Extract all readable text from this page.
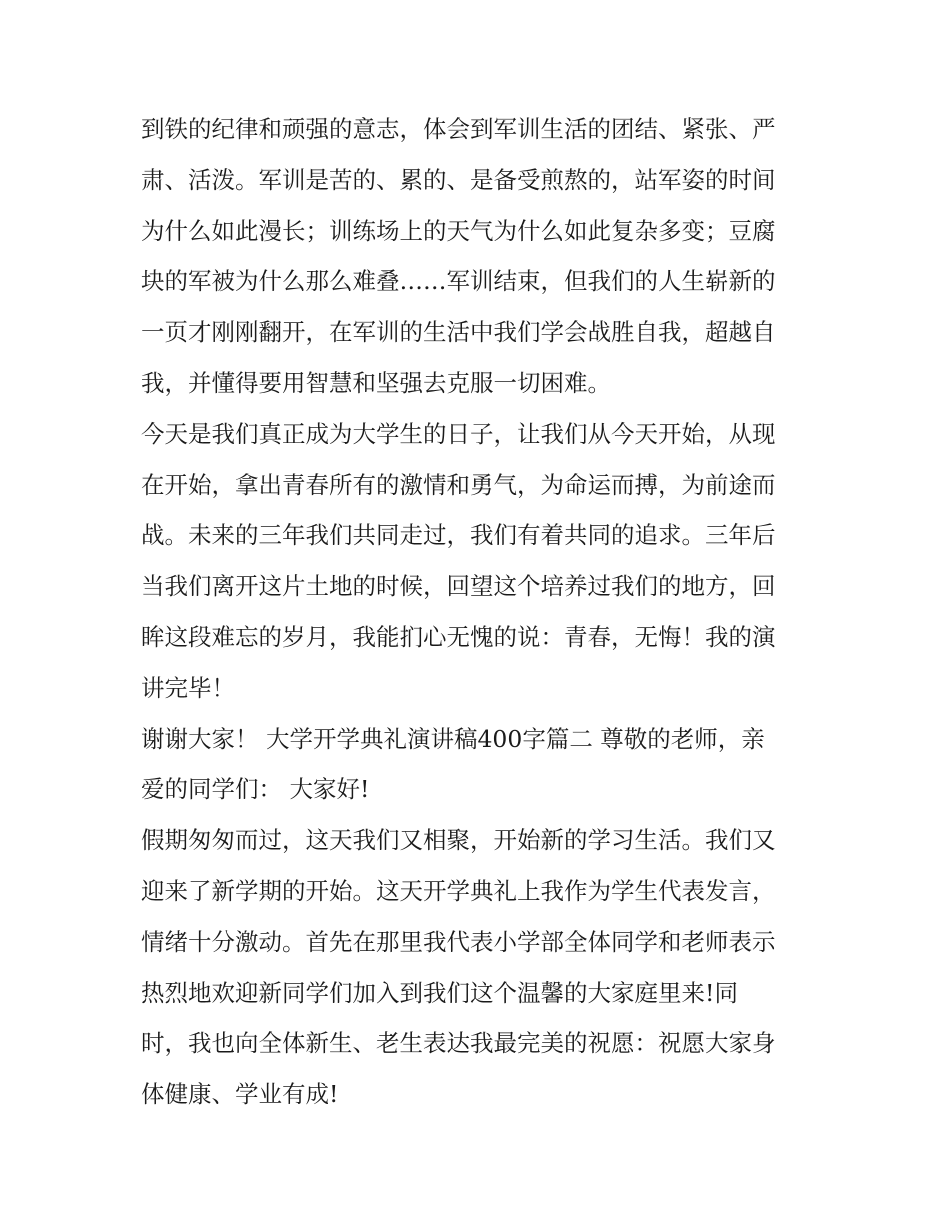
到铁的纪律和顽强的意志，体会到军训生活的团结、紧张、严
肃、活泼。军训是苦的、累的、是备受煎熬的，站军姿的时间
为什么如此漫长；训练场上的天气为什么如此复杂多变；豆腐
块的军被为什么那么难叠……军训结束，但我们的人生崭新的
一页才刚刚翻开，在军训的生活中我们学会战胜自我，超越自
我，并懂得要用智慧和坚强去克服一切困难。
今天是我们真正成为大学生的日子，让我们从今天开始，从现
在开始，拿出青春所有的激情和勇气，为命运而搏，为前途而
战。未来的三年我们共同走过，我们有着共同的追求。三年后
当我们离开这片土地的时候，回望这个培养过我们的地方，回
眸这段难忘的岁月，我能扪心无愧的说：青春，无悔！我的演
讲完毕！
谢谢大家！ 大学开学典礼演讲稿400字篇二 尊敬的老师，亲
爱的同学们： 大家好!
假期匆匆而过，这天我们又相聚，开始新的学习生活。我们又
迎来了新学期的开始。这天开学典礼上我作为学生代表发言，
情绪十分激动。首先在那里我代表小学部全体同学和老师表示
热烈地欢迎新同学们加入到我们这个温馨的大家庭里来!同
时，我也向全体新生、老生表达我最完美的祝愿：祝愿大家身
体健康、学业有成!
